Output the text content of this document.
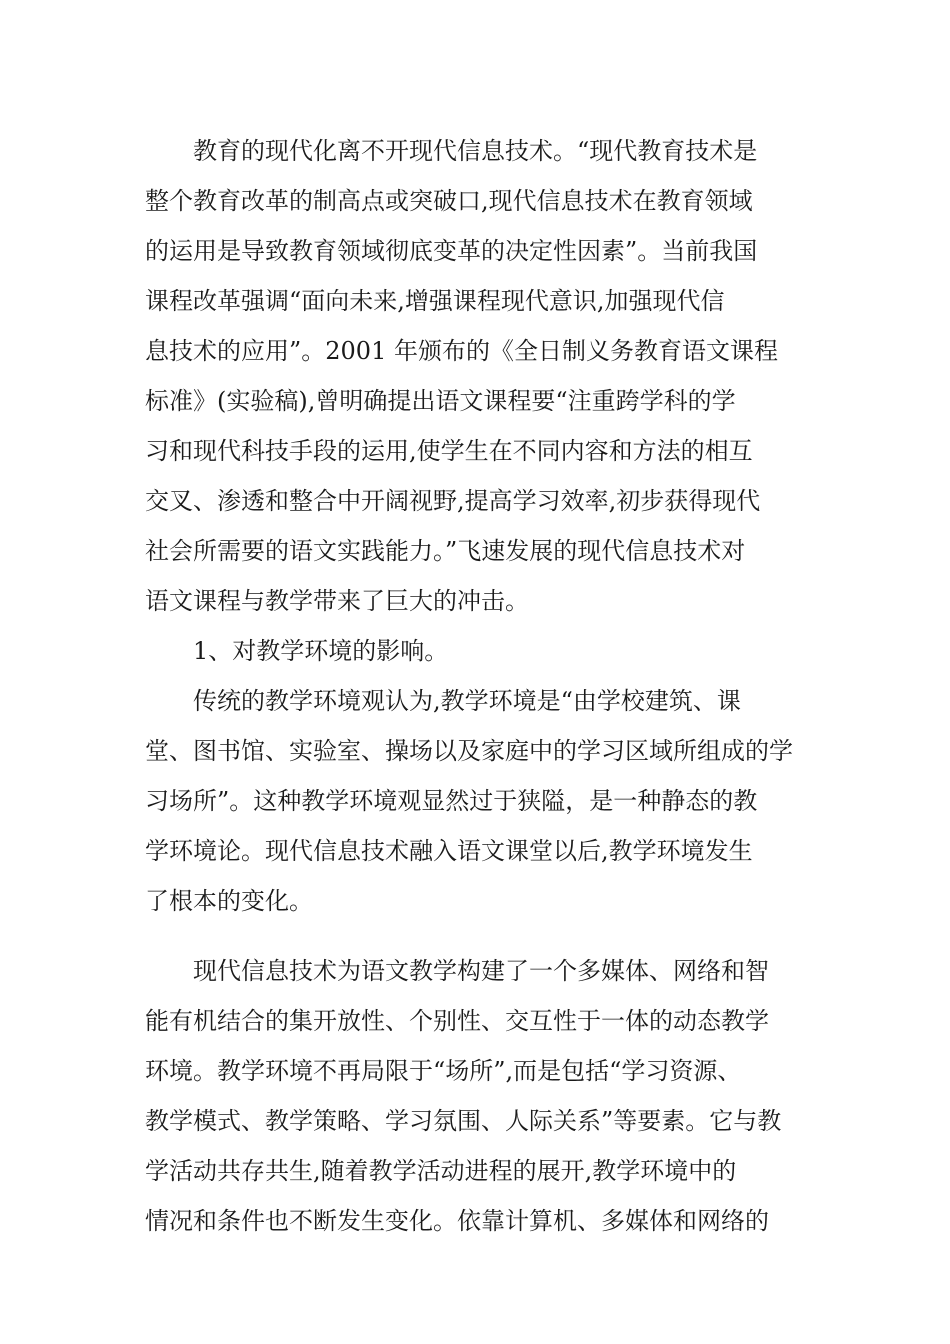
教育的现代化离不开现代信息技术。“现代教育技术是
整个教育改革的制高点或突破口,现代信息技术在教育领域
的运用是导致教育领域彻底变革的决定性因素”。当前我国
课程改革强调“面向未来,增强课程现代意识,加强现代信
息技术的应用”。2001 年颁布的《全日制义务教育语文课程
标准》(实验稿),曾明确提出语文课程要“注重跨学科的学
习和现代科技手段的运用,使学生在不同内容和方法的相互
交叉、渗透和整合中开阔视野,提高学习效率,初步获得现代
社会所需要的语文实践能力。”飞速发展的现代信息技术对
语文课程与教学带来了巨大的冲击。
1、对教学环境的影响。
传统的教学环境观认为,教学环境是“由学校建筑、课
堂、图书馆、实验室、操场以及家庭中的学习区域所组成的学
习场所”。这种教学环境观显然过于狭隘，是一种静态的教
学环境论。现代信息技术融入语文课堂以后,教学环境发生
了根本的变化。
现代信息技术为语文教学构建了一个多媒体、网络和智
能有机结合的集开放性、个别性、交互性于一体的动态教学
环境。教学环境不再局限于“场所”,而是包括“学习资源、
教学模式、教学策略、学习氛围、人际关系”等要素。它与教
学活动共存共生,随着教学活动进程的展开,教学环境中的
情况和条件也不断发生变化。依靠计算机、多媒体和网络的
